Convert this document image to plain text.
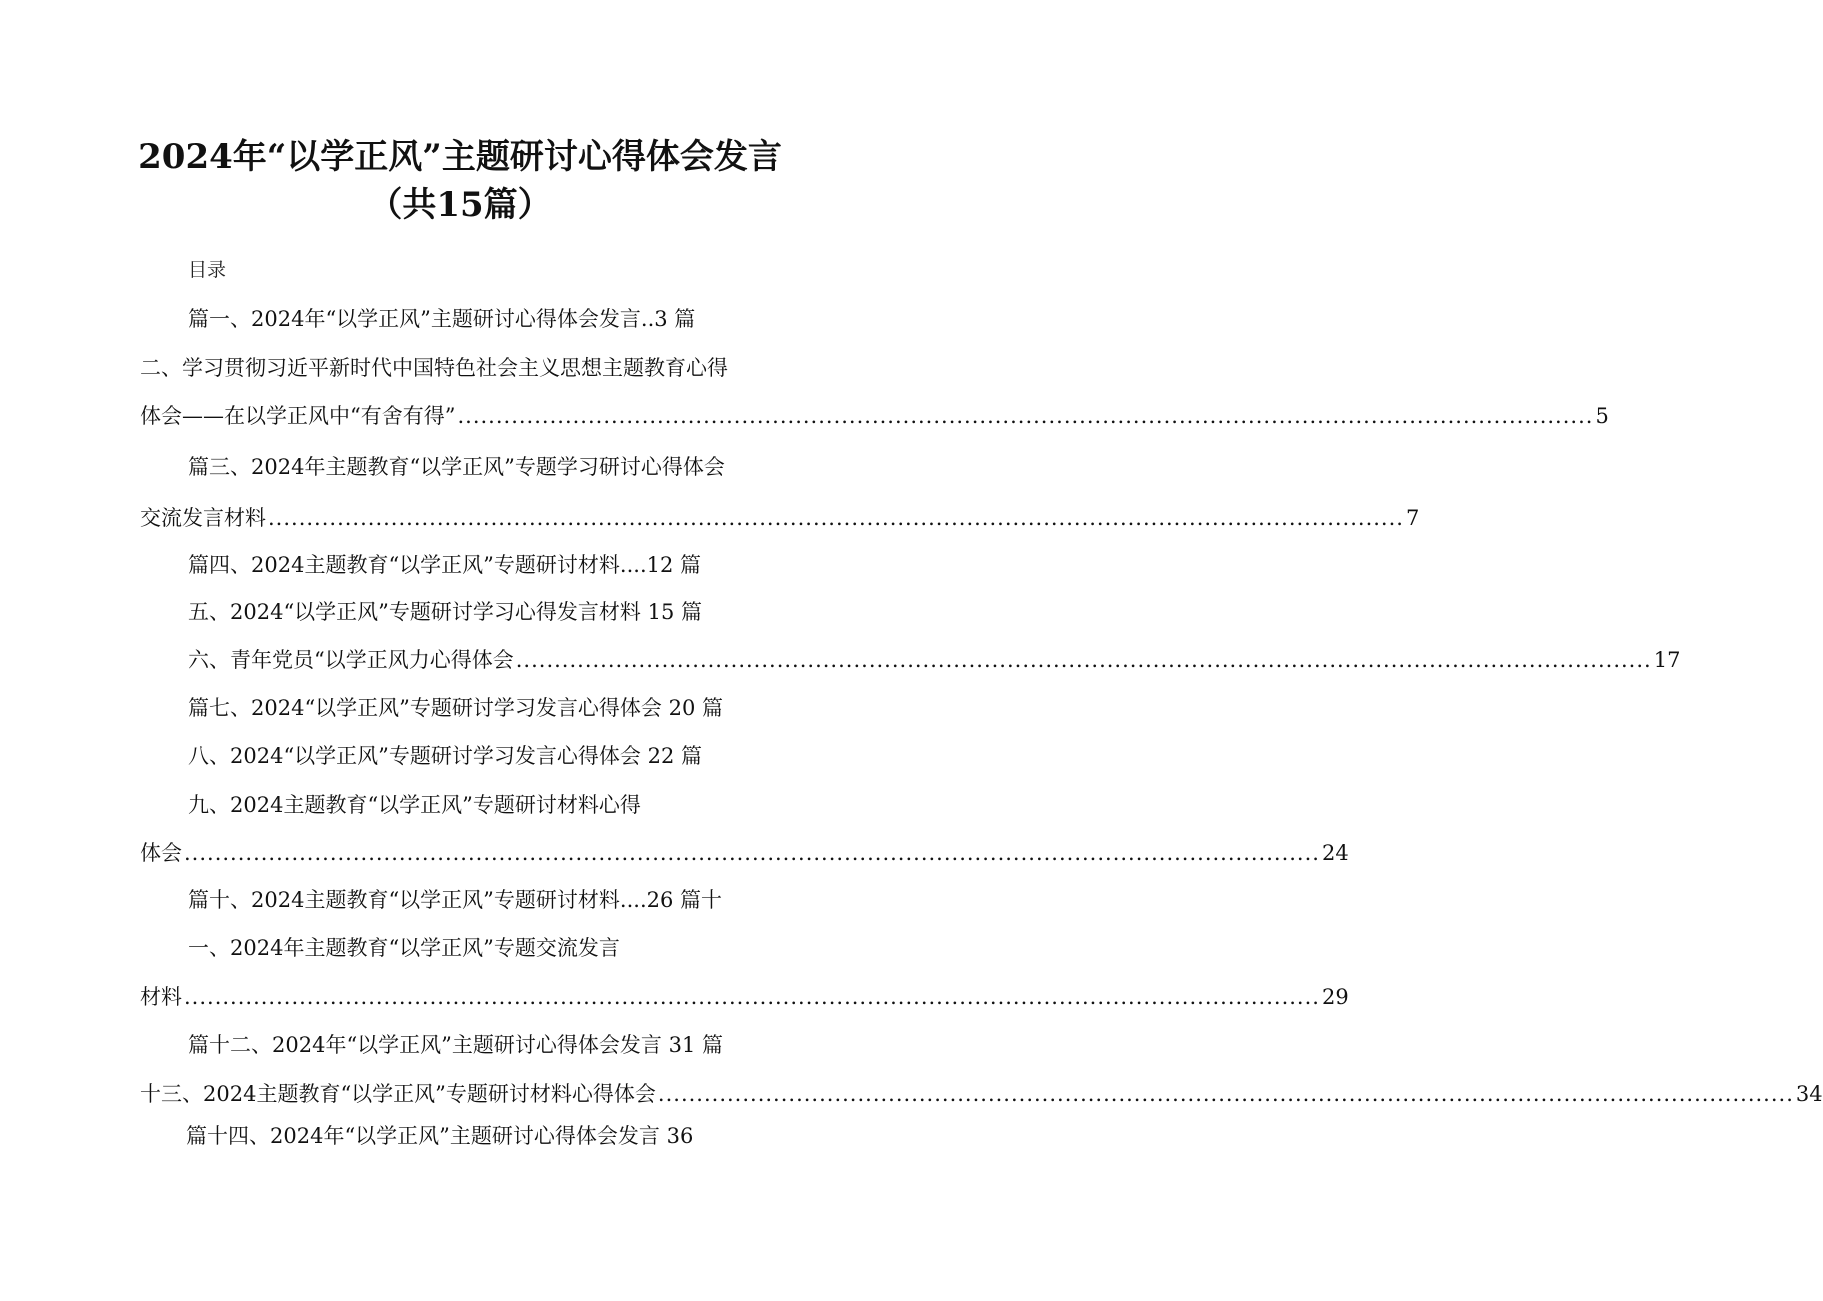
2024年“以学正风”主题研讨心得体会发言
（共15篇）
目录
篇一、2024年“以学正风”主题研讨心得体会发言..3 篇
二、学习贯彻习近平新时代中国特色社会主义思想主题教育心得
体会——在以学正风中“有舍有得” .................................................................................................................................................... 5
篇三、2024年主题教育“以学正风”专题学习研讨心得体会
交流发言材料 .................................................................................................................................................... 7
篇四、2024主题教育“以学正风”专题研讨材料....12 篇
五、2024“以学正风”专题研讨学习心得发言材料 15 篇
六、青年党员“以学正风力心得体会 .................................................................................................................................................... 17
篇七、2024“以学正风”专题研讨学习发言心得体会 20 篇
八、2024“以学正风”专题研讨学习发言心得体会 22 篇
九、2024主题教育“以学正风”专题研讨材料心得
体会 .................................................................................................................................................... 24
篇十、2024主题教育“以学正风”专题研讨材料....26 篇十
一、2024年主题教育“以学正风”专题交流发言
材料 .................................................................................................................................................... 29
篇十二、2024年“以学正风”主题研讨心得体会发言 31 篇
十三、2024主题教育“以学正风”专题研讨材料心得体会 .................................................................................................................................................... 34
篇十四、2024年“以学正风”主题研讨心得体会发言 36
